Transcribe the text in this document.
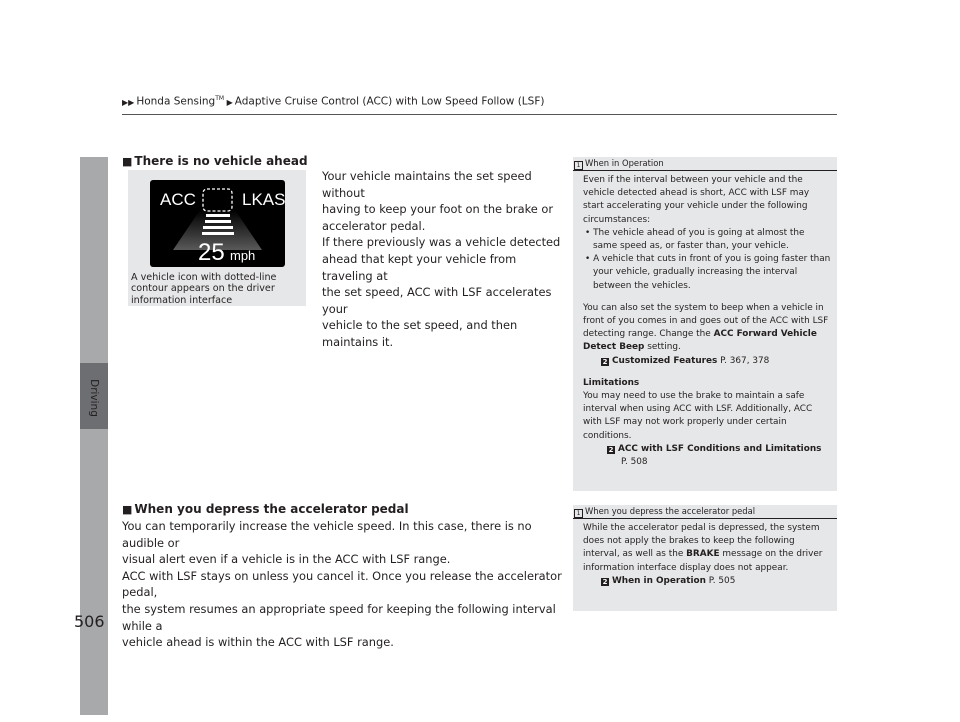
▶▶ Honda Sensing™ ▶ Adaptive Cruise Control (ACC) with Low Speed Follow (LSF)
Driving
506
■ There is no vehicle ahead
ACC	LKAS
25 mph
A vehicle icon with dotted-line contour appears on the driver information interface
Your vehicle maintains the set speed without
having to keep your foot on the brake or
accelerator pedal.
If there previously was a vehicle detected
ahead that kept your vehicle from traveling at
the set speed, ACC with LSF accelerates your
vehicle to the set speed, and then maintains it.
1 When in Operation

Even if the interval between your vehicle and the vehicle detected ahead is short, ACC with LSF may start accelerating your vehicle under the following circumstances:

• The vehicle ahead of you is going at almost the same speed as, or faster than, your vehicle.

• A vehicle that cuts in front of you is going faster than your vehicle, gradually increasing the interval between the vehicles.

You can also set the system to beep when a vehicle in front of you comes in and goes out of the ACC with LSF detecting range. Change the ACC Forward Vehicle Detect Beep setting.

2 Customized Features P. 367, 378

Limitations

You may need to use the brake to maintain a safe interval when using ACC with LSF. Additionally, ACC with LSF may not work properly under certain conditions.

2 ACC with LSF Conditions and Limitations

P. 508

■ When you depress the accelerator pedal
You can temporarily increase the vehicle speed. In this case, there is no audible or
visual alert even if a vehicle is in the ACC with LSF range.
ACC with LSF stays on unless you cancel it. Once you release the accelerator pedal,
the system resumes an appropriate speed for keeping the following interval while a
vehicle ahead is within the ACC with LSF range.
1 When you depress the accelerator pedal

While the accelerator pedal is depressed, the system does not apply the brakes to keep the following interval, as well as the BRAKE message on the driver information interface display does not appear.

2 When in Operation P. 505
